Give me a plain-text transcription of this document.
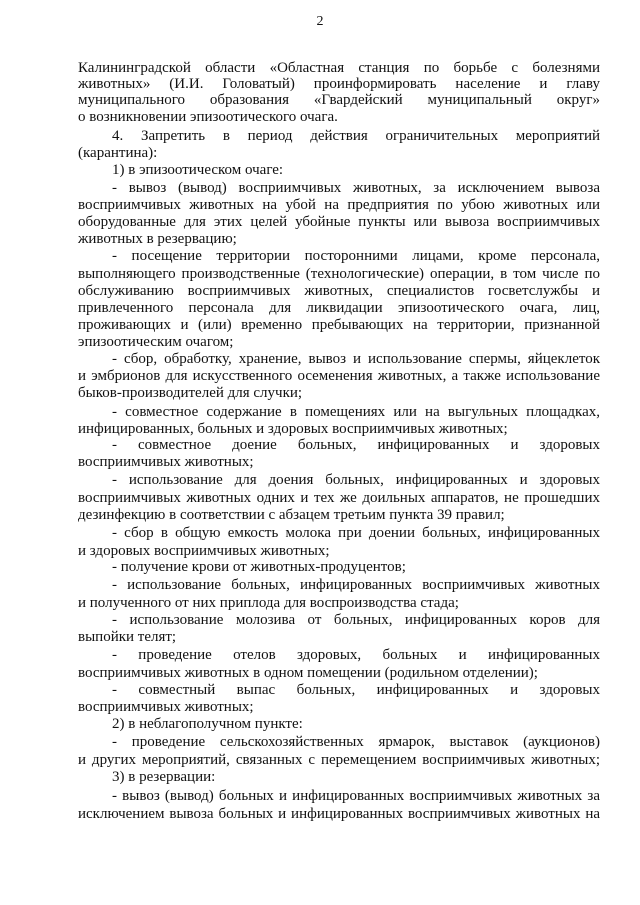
2
Калининградской области «Областная станция по борьбе с болезнями
животных» (И.И. Головатый) проинформировать население и главу
муниципального образования «Гвардейский муниципальный округ»
о возникновении эпизоотического очага.
4. Запретить в период действия ограничительных мероприятий
(карантина):
1) в эпизоотическом очаге:
- вывоз (вывод) восприимчивых животных, за исключением вывоза
восприимчивых животных на убой на предприятия по убою животных или
оборудованные для этих целей убойные пункты или вывоза восприимчивых
животных в резервацию;
- посещение территории посторонними лицами, кроме персонала,
выполняющего производственные (технологические) операции, в том числе по
обслуживанию восприимчивых животных, специалистов госветслужбы и
привлеченного персонала для ликвидации эпизоотического очага, лиц,
проживающих и (или) временно пребывающих на территории, признанной
эпизоотическим очагом;
- сбор, обработку, хранение, вывоз и использование спермы, яйцеклеток
и эмбрионов для искусственного осеменения животных, а также использование
быков-производителей для случки;
- совместное содержание в помещениях или на выгульных площадках,
инфицированных, больных и здоровых восприимчивых животных;
- совместное доение больных, инфицированных и здоровых
восприимчивых животных;
- использование для доения больных, инфицированных и здоровых
восприимчивых животных одних и тех же доильных аппаратов, не прошедших
дезинфекцию в соответствии с абзацем третьим пункта 39 правил;
- сбор в общую емкость молока при доении больных, инфицированных
и здоровых восприимчивых животных;
- получение крови от животных-продуцентов;
- использование больных, инфицированных восприимчивых животных
и полученного от них приплода для воспроизводства стада;
- использование молозива от больных, инфицированных коров для
выпойки телят;
- проведение отелов здоровых, больных и инфицированных
восприимчивых животных в одном помещении (родильном отделении);
- совместный выпас больных, инфицированных и здоровых
восприимчивых животных;
2) в неблагополучном пункте:
- проведение сельскохозяйственных ярмарок, выставок (аукционов)
и других мероприятий, связанных с перемещением восприимчивых животных;
3) в резервации:
- вывоз (вывод) больных и инфицированных восприимчивых животных за
исключением вывоза больных и инфицированных восприимчивых животных на
